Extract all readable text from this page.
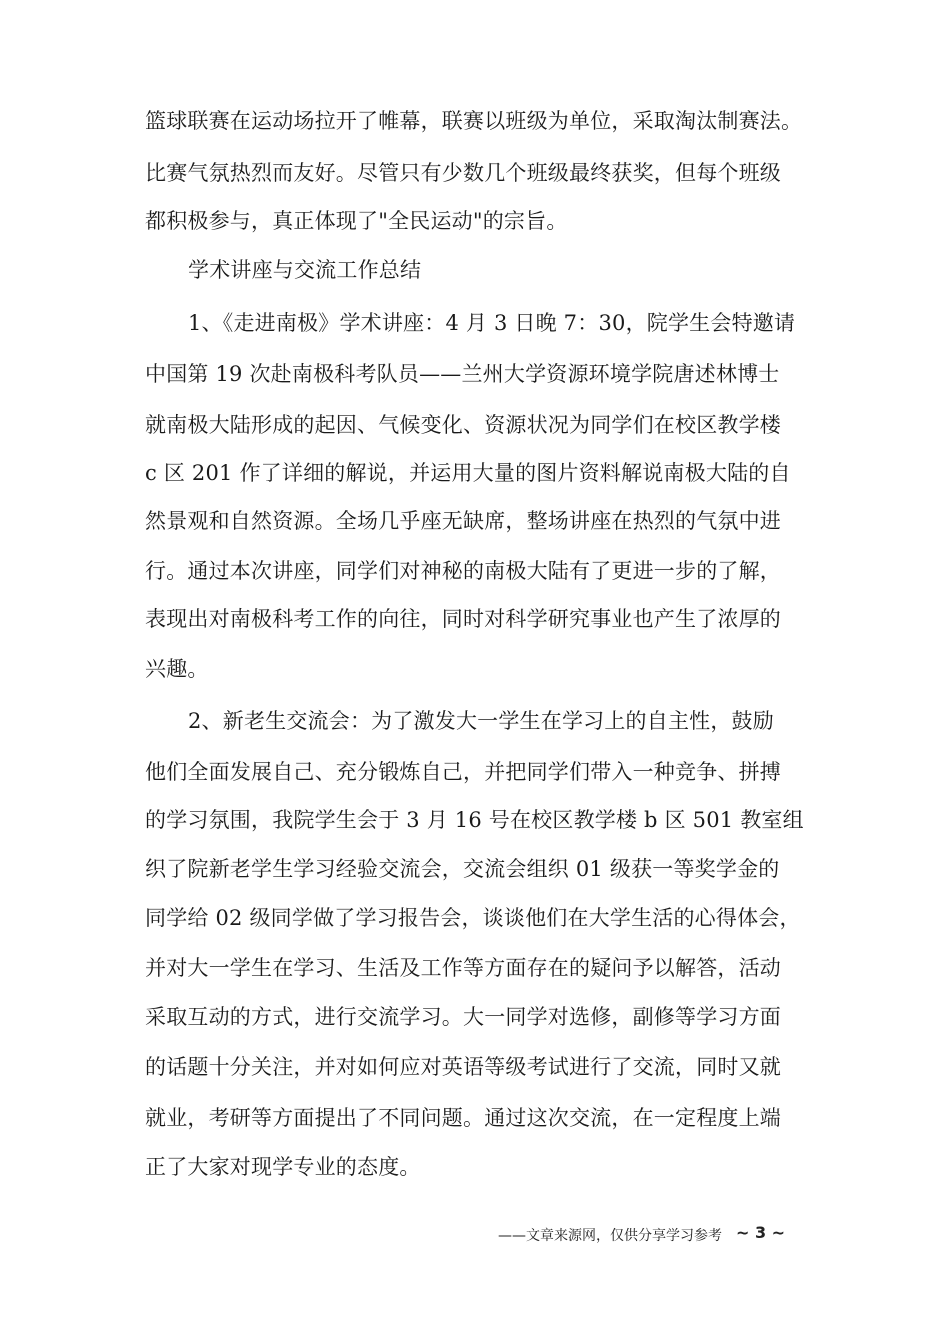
篮球联赛在运动场拉开了帷幕，联赛以班级为单位，采取淘汰制赛法。
比赛气氛热烈而友好。尽管只有少数几个班级最终获奖，但每个班级
都积极参与，真正体现了"全民运动"的宗旨。
学术讲座与交流工作总结
1、《走进南极》学术讲座：4 月 3 日晚 7：30，院学生会特邀请
中国第 19 次赴南极科考队员——兰州大学资源环境学院唐述林博士
就南极大陆形成的起因、气候变化、资源状况为同学们在校区教学楼
c 区 201 作了详细的解说，并运用大量的图片资料解说南极大陆的自
然景观和自然资源。全场几乎座无缺席，整场讲座在热烈的气氛中进
行。通过本次讲座，同学们对神秘的南极大陆有了更进一步的了解，
表现出对南极科考工作的向往，同时对科学研究事业也产生了浓厚的
兴趣。
2、新老生交流会：为了激发大一学生在学习上的自主性，鼓励
他们全面发展自己、充分锻炼自己，并把同学们带入一种竞争、拼搏
的学习氛围，我院学生会于 3 月 16 号在校区教学楼 b 区 501 教室组
织了院新老学生学习经验交流会，交流会组织 01 级获一等奖学金的
同学给 02 级同学做了学习报告会，谈谈他们在大学生活的心得体会，
并对大一学生在学习、生活及工作等方面存在的疑问予以解答，活动
采取互动的方式，进行交流学习。大一同学对选修，副修等学习方面
的话题十分关注，并对如何应对英语等级考试进行了交流，同时又就
就业，考研等方面提出了不同问题。通过这次交流，在一定程度上端
正了大家对现学专业的态度。
——文章来源网，仅供分享学习参考 ~ 3 ~
